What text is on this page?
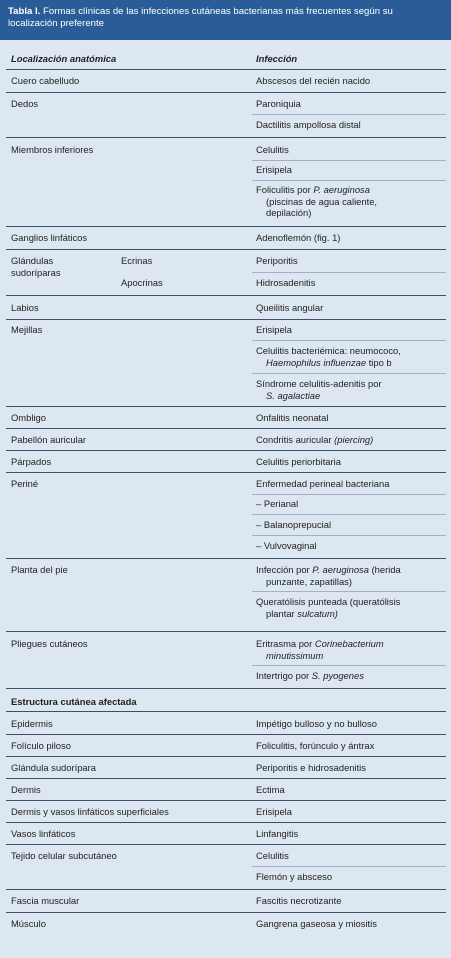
Tabla I. Formas clínicas de las infecciones cutáneas bacterianas más frecuentes según su localización preferente
Localización anatómica	Infección
Cuero cabelludo	Abscesos del recién nacido
Dedos	Paroniquia
Dactilitis ampollosa distal
Miembros inferiores	Celulitis
Erisipela
Foliculitis por P. aeruginosa
(piscinas de agua caliente,
depilación)
Ganglios linfáticos	Adenoflemón (fig. 1)
Glándulas sudoríparas
Ecrinas	Periporitis
Apocrinas	Hidrosadenitis
Labios	Queilitis angular
Mejillas	Erisipela
Celulitis bacteriémica: neumococo,
Haemophilus influenzae tipo b
Síndrome celulitis-adenitis por
S. agalactiae
Ombligo	Onfalitis neonatal
Pabellón auricular	Condritis auricular (piercing)
Párpados	Celulitis periorbitaria
Periné	Enfermedad perineal bacteriana
– Perianal
– Balanoprepucial
– Vulvovaginal
Planta del pie	Infección por P. aeruginosa (herida
punzante, zapatillas)
Queratólisis punteada (queratólisis
plantar sulcatum)
Pliegues cutáneos	Eritrasma por Corinebacterium
minutissimum
Intertrigo por S. pyogenes
Estructura cutánea afectada
Epidermis	Impétigo bulloso y no bulloso
Folículo piloso	Foliculitis, forúnculo y ántrax
Glándula sudorípara	Periporitis e hidrosadenitis
Dermis	Ectima
Dermis y vasos linfáticos superficiales	Erisipela
Vasos linfáticos	Linfangitis
Tejido celular subcutáneo	Celulitis
Flemón y absceso
Fascia muscular	Fascitis necrotizante
Músculo	Gangrena gaseosa y miositis
